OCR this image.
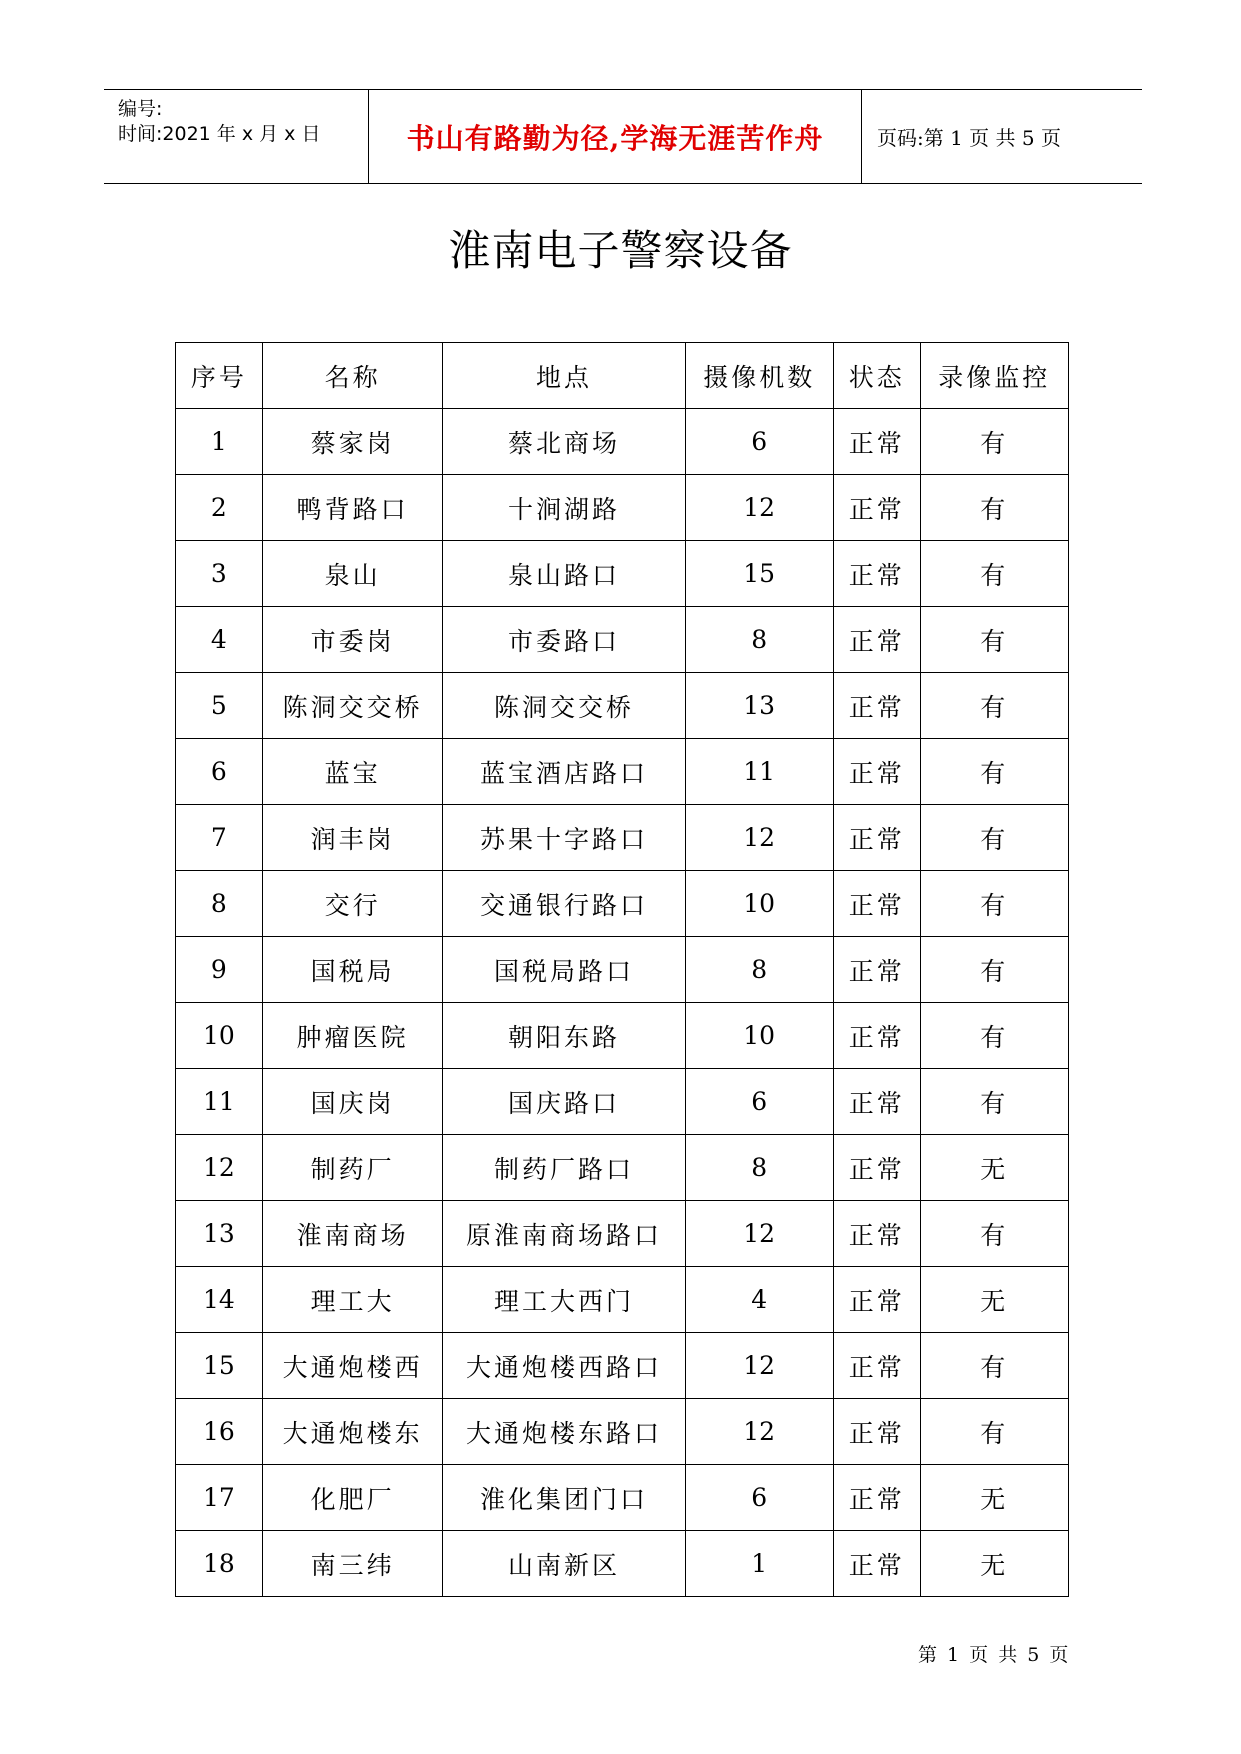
编号:
时间:2021 年 x 月 x 日	书山有路勤为径,学海无涯苦作舟	页码:第 1 页 共 5 页
淮南电子警察设备
序号	名称	地点	摄像机数	状态	录像监控
1	蔡家岗	蔡北商场	6	正常	有
2	鸭背路口	十涧湖路	12	正常	有
3	泉山	泉山路口	15	正常	有
4	市委岗	市委路口	8	正常	有
5	陈洞交交桥	陈洞交交桥	13	正常	有
6	蓝宝	蓝宝酒店路口	11	正常	有
7	润丰岗	苏果十字路口	12	正常	有
8	交行	交通银行路口	10	正常	有
9	国税局	国税局路口	8	正常	有
10	肿瘤医院	朝阳东路	10	正常	有
11	国庆岗	国庆路口	6	正常	有
12	制药厂	制药厂路口	8	正常	无
13	淮南商场	原淮南商场路口	12	正常	有
14	理工大	理工大西门	4	正常	无
15	大通炮楼西	大通炮楼西路口	12	正常	有
16	大通炮楼东	大通炮楼东路口	12	正常	有
17	化肥厂	淮化集团门口	6	正常	无
18	南三纬	山南新区	1	正常	无
第 1 页 共 5 页
